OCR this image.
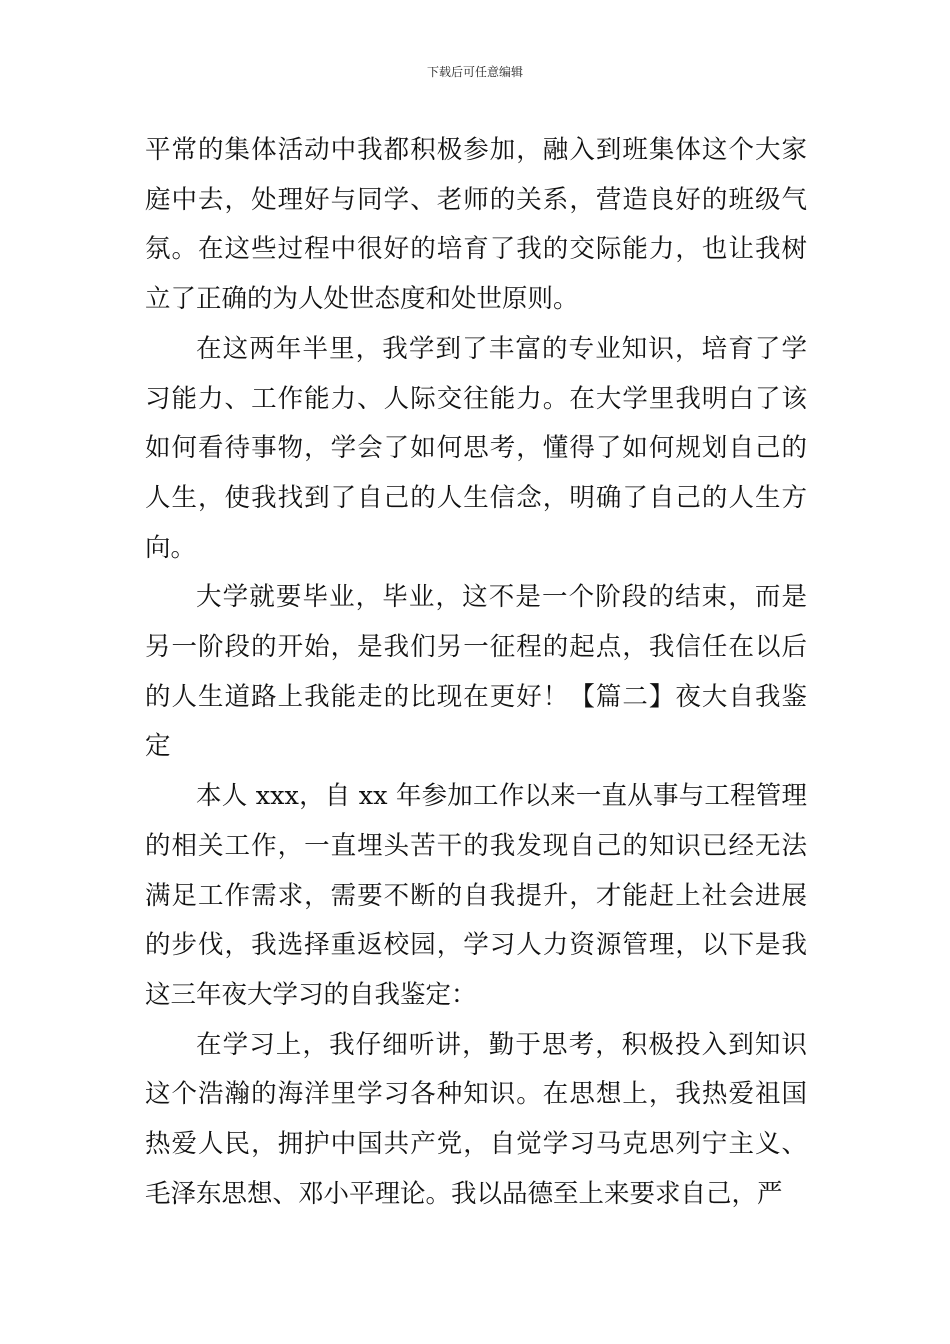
下载后可任意编辑

平常的集体活动中我都积极参加，融入到班集体这个大家庭中去，处理好与同学、老师的关系，营造良好的班级气氛。在这些过程中很好的培育了我的交际能力，也让我树立了正确的为人处世态度和处世原则。

在这两年半里，我学到了丰富的专业知识，培育了学习能力、工作能力、人际交往能力。在大学里我明白了该如何看待事物，学会了如何思考，懂得了如何规划自己的人生，使我找到了自己的人生信念，明确了自己的人生方向。

大学就要毕业，毕业，这不是一个阶段的结束，而是另一阶段的开始，是我们另一征程的起点，我信任在以后的人生道路上我能走的比现在更好！【篇二】夜大自我鉴定

本人 xxx，自 xx 年参加工作以来一直从事与工程管理的相关工作，一直埋头苦干的我发现自己的知识已经无法满足工作需求，需要不断的自我提升，才能赶上社会进展的步伐，我选择重返校园，学习人力资源管理，以下是我这三年夜大学习的自我鉴定：

在学习上，我仔细听讲，勤于思考，积极投入到知识这个浩瀚的海洋里学习各种知识。在思想上，我热爱祖国热爱人民，拥护中国共产党，自觉学习马克思列宁主义、毛泽东思想、邓小平理论。我以品德至上来要求自己，严
